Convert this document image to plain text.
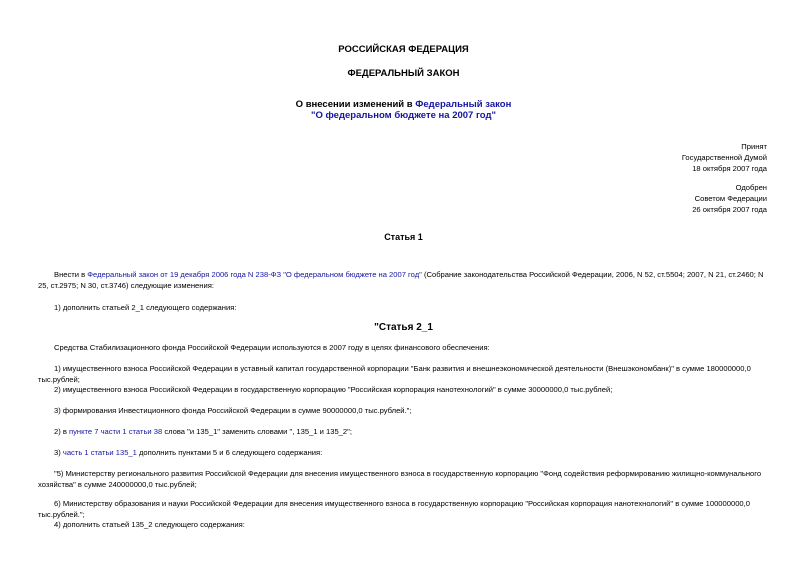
РОССИЙСКАЯ ФЕДЕРАЦИЯ
ФЕДЕРАЛЬНЫЙ ЗАКОН
О внесении изменений в Федеральный закон
"О федеральном бюджете на 2007 год"
Принят
Государственной Думой
18 октября 2007 года
Одобрен
Советом Федерации
26 октября 2007 года
Статья 1
Внести в Федеральный закон от 19 декабря 2006 года N 238-ФЗ "О федеральном бюджете на 2007 год" (Собрание законодательства Российской Федерации, 2006, N 52, ст.5504; 2007, N 21, ст.2460; N 25, ст.2975; N 30, ст.3746) следующие изменения:
1) дополнить статьей 2_1 следующего содержания:
"Статья 2_1
Средства Стабилизационного фонда Российской Федерации используются в 2007 году в целях финансового обеспечения:
1) имущественного взноса Российской Федерации в уставный капитал государственной корпорации "Банк развития и внешнеэкономической деятельности (Внешэкономбанк)" в сумме 180000000,0 тыс.рублей;
2) имущественного взноса Российской Федерации в государственную корпорацию "Российская корпорация нанотехнологий" в сумме 30000000,0 тыс.рублей;
3) формирования Инвестиционного фонда Российской Федерации в сумме 90000000,0 тыс.рублей.";
2) в пункте 7 части 1 статьи 38 слова "и 135_1" заменить словами ", 135_1 и 135_2";
3) часть 1 статьи 135_1 дополнить пунктами 5 и 6 следующего содержания:
"5) Министерству регионального развития Российской Федерации для внесения имущественного взноса в государственную корпорацию "Фонд содействия реформированию жилищно-коммунального хозяйства" в сумме 240000000,0 тыс.рублей;
6) Министерству образования и науки Российской Федерации для внесения имущественного взноса в государственную корпорацию "Российская корпорация нанотехнологий" в сумме 100000000,0 тыс.рублей.";
4) дополнить статьей 135_2 следующего содержания:
